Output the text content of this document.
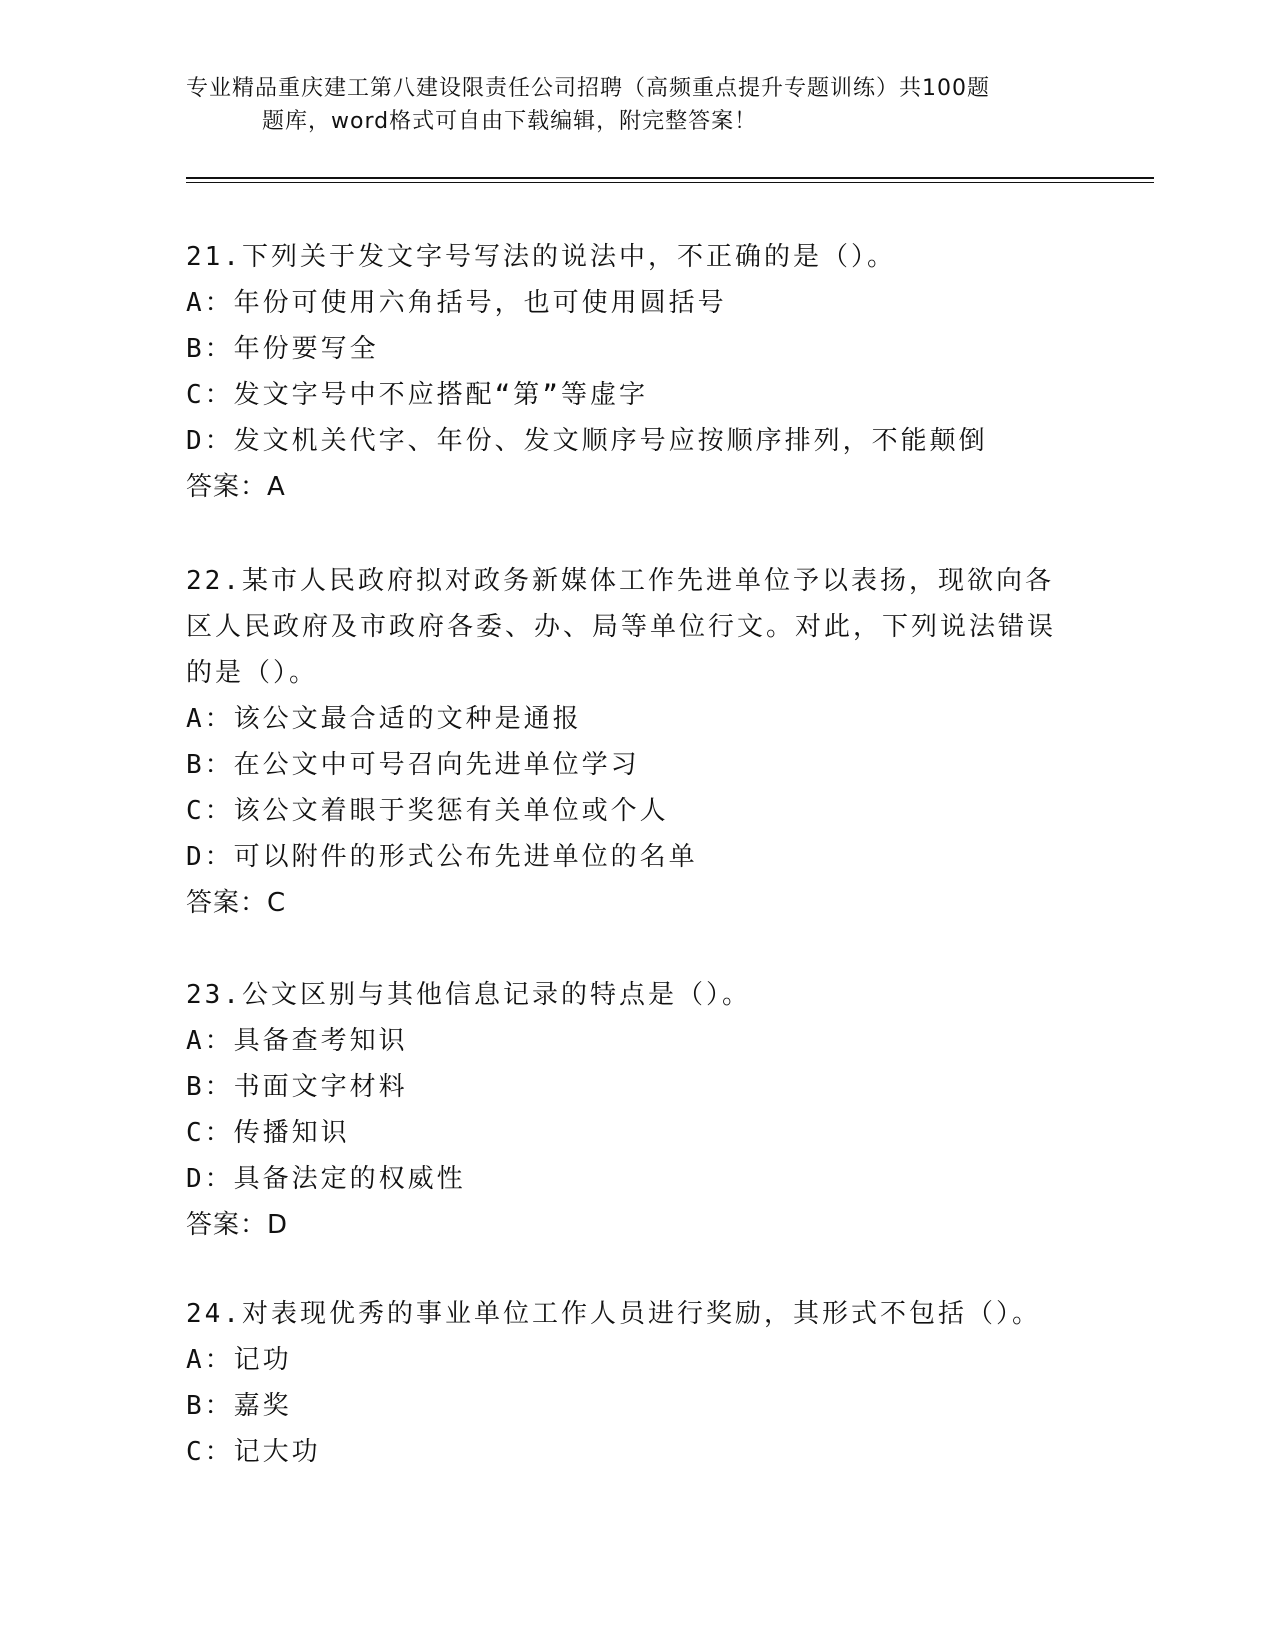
专业精品重庆建工第八建设限责任公司招聘（高频重点提升专题训练）共100题
题库，word格式可自由下载编辑，附完整答案！

21.下列关于发文字号写法的说法中，不正确的是（）。

A：年份可使用六角括号，也可使用圆括号

B：年份要写全

C：发文字号中不应搭配“第”等虚字

D：发文机关代字、年份、发文顺序号应按顺序排列，不能颠倒

答案：A

22.某市人民政府拟对政务新媒体工作先进单位予以表扬，现欲向各区人民政府及市政府各委、办、局等单位行文。对此，下列说法错误的是（）。

A：该公文最合适的文种是通报

B：在公文中可号召向先进单位学习

C：该公文着眼于奖惩有关单位或个人

D：可以附件的形式公布先进单位的名单

答案：C

23.公文区别与其他信息记录的特点是（）。

A：具备查考知识

B：书面文字材料

C：传播知识

D：具备法定的权威性

答案：D

24.对表现优秀的事业单位工作人员进行奖励，其形式不包括（）。

A：记功

B：嘉奖

C：记大功
